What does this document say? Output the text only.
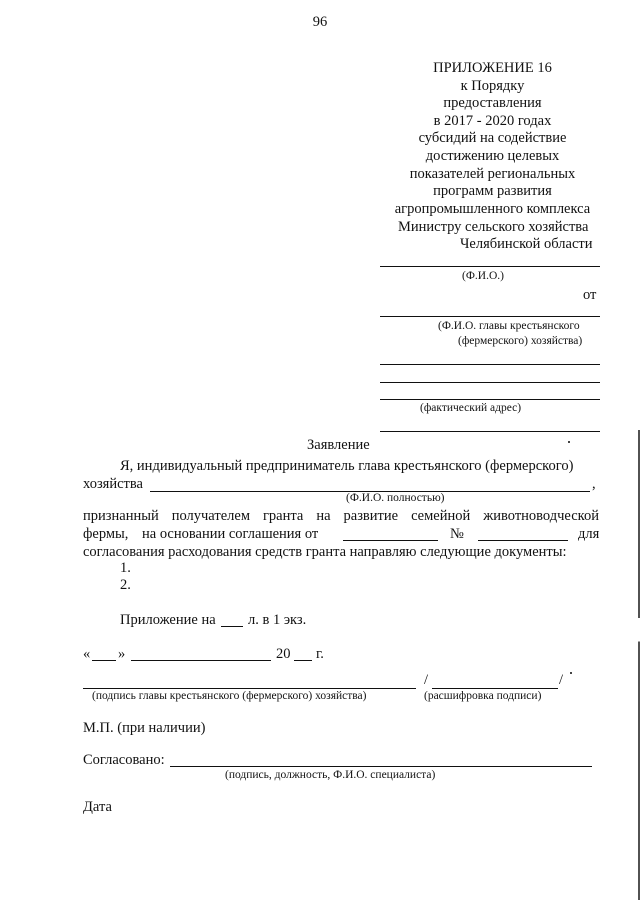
96
ПРИЛОЖЕНИЕ 16
к Порядку
предоставления
в 2017 - 2020 годах
субсидий на содействие
достижению целевых
показателей региональных
программ развития
агропромышленного комплекса
Министру сельского хозяйства
Челябинской области
(Ф.И.О.)
от
(Ф.И.О. главы крестьянского
(фермерского) хозяйства)
(фактический адрес)
Заявление
Я, индивидуальный предприниматель глава крестьянского (фермерского)
хозяйства	,
(Ф.И.О. полностью)
признанный получателем гранта на развитие семейной животноводческой
фермы, на основании соглашения от	№	для
согласования расходования средств гранта направляю следующие документы:
1.
2.
Приложение на л. в 1 экз.
« »	20 г.
/	/
(подпись главы крестьянского (фермерского) хозяйства)	(расшифровка подписи)
М.П. (при наличии)
Согласовано:
(подпись, должность, Ф.И.О. специалиста)
Дата
